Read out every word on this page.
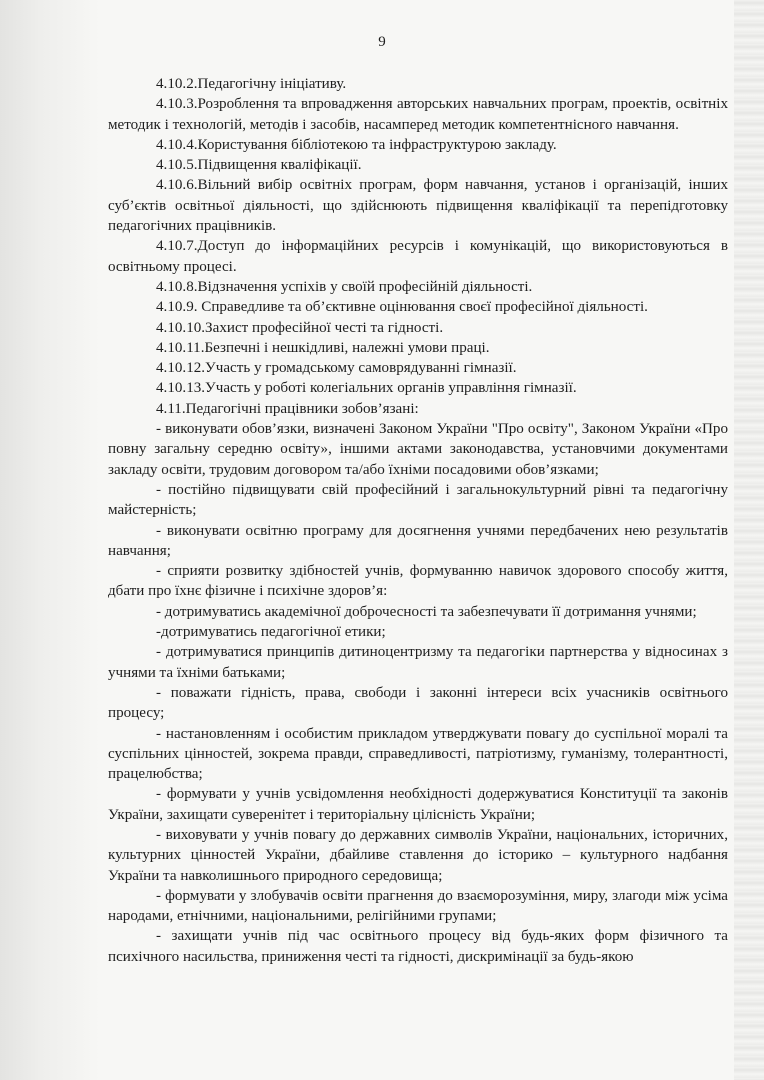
9

4.10.2.Педагогічну ініціативу.

4.10.3.Розроблення та впровадження авторських навчальних програм, проектів, освітніх методик і технологій, методів і засобів, насамперед методик компетентнісного навчання.

4.10.4.Користування бібліотекою та інфраструктурою закладу.

4.10.5.Підвищення кваліфікації.

4.10.6.Вільний вибір освітніх програм, форм навчання, установ і організацій, інших суб’єктів освітньої діяльності, що здійснюють підвищення кваліфікації та перепідготовку педагогічних працівників.

4.10.7.Доступ до інформаційних ресурсів і комунікацій, що використовуються в освітньому процесі.

4.10.8.Відзначення успіхів у своїй професійній діяльності.

4.10.9. Справедливе та об’єктивне оцінювання своєї професійної діяльності.

4.10.10.Захист професійної честі та гідності.

4.10.11.Безпечні і нешкідливі, належні умови праці.

4.10.12.Участь у громадському самоврядуванні гімназії.

4.10.13.Участь у роботі колегіальних органів управління гімназії.

4.11.Педагогічні працівники зобов’язані:

- виконувати обов’язки, визначені Законом України "Про освіту", Законом України «Про повну загальну середню освіту», іншими актами законодавства, установчими документами закладу освіти, трудовим договором та/або їхніми посадовими обов’язками;

- постійно підвищувати свій професійний і загальнокультурний рівні та педагогічну майстерність;

- виконувати освітню програму для досягнення учнями передбачених нею результатів навчання;

- сприяти розвитку здібностей учнів, формуванню навичок здорового способу життя, дбати про їхнє фізичне і психічне здоров’я:

- дотримуватись академічної доброчесності та забезпечувати її дотримання учнями;

-дотримуватись педагогічної етики;

- дотримуватися принципів дитиноцентризму та педагогіки партнерства у відносинах з учнями та їхніми батьками;

- поважати гідність, права, свободи і законні інтереси всіх учасників освітнього процесу;

- настановленням і особистим прикладом утверджувати повагу до суспільної моралі та суспільних цінностей, зокрема правди, справедливості, патріотизму, гуманізму, толерантності, працелюбства;

- формувати у учнів усвідомлення необхідності додержуватися Конституції та законів України, захищати суверенітет і територіальну цілісність України;

- виховувати у учнів повагу до державних символів України, національних, історичних, культурних цінностей України, дбайливе ставлення до історико – культурного надбання України та навколишнього природного середовища;

- формувати у злобувачів освіти прагнення до взаєморозуміння, миру, злагоди між усіма народами, етнічними, національними, релігійними групами;

- захищати учнів під час освітнього процесу від будь-яких форм фізичного та психічного насильства, приниження честі та гідності, дискримінації за будь-якою
